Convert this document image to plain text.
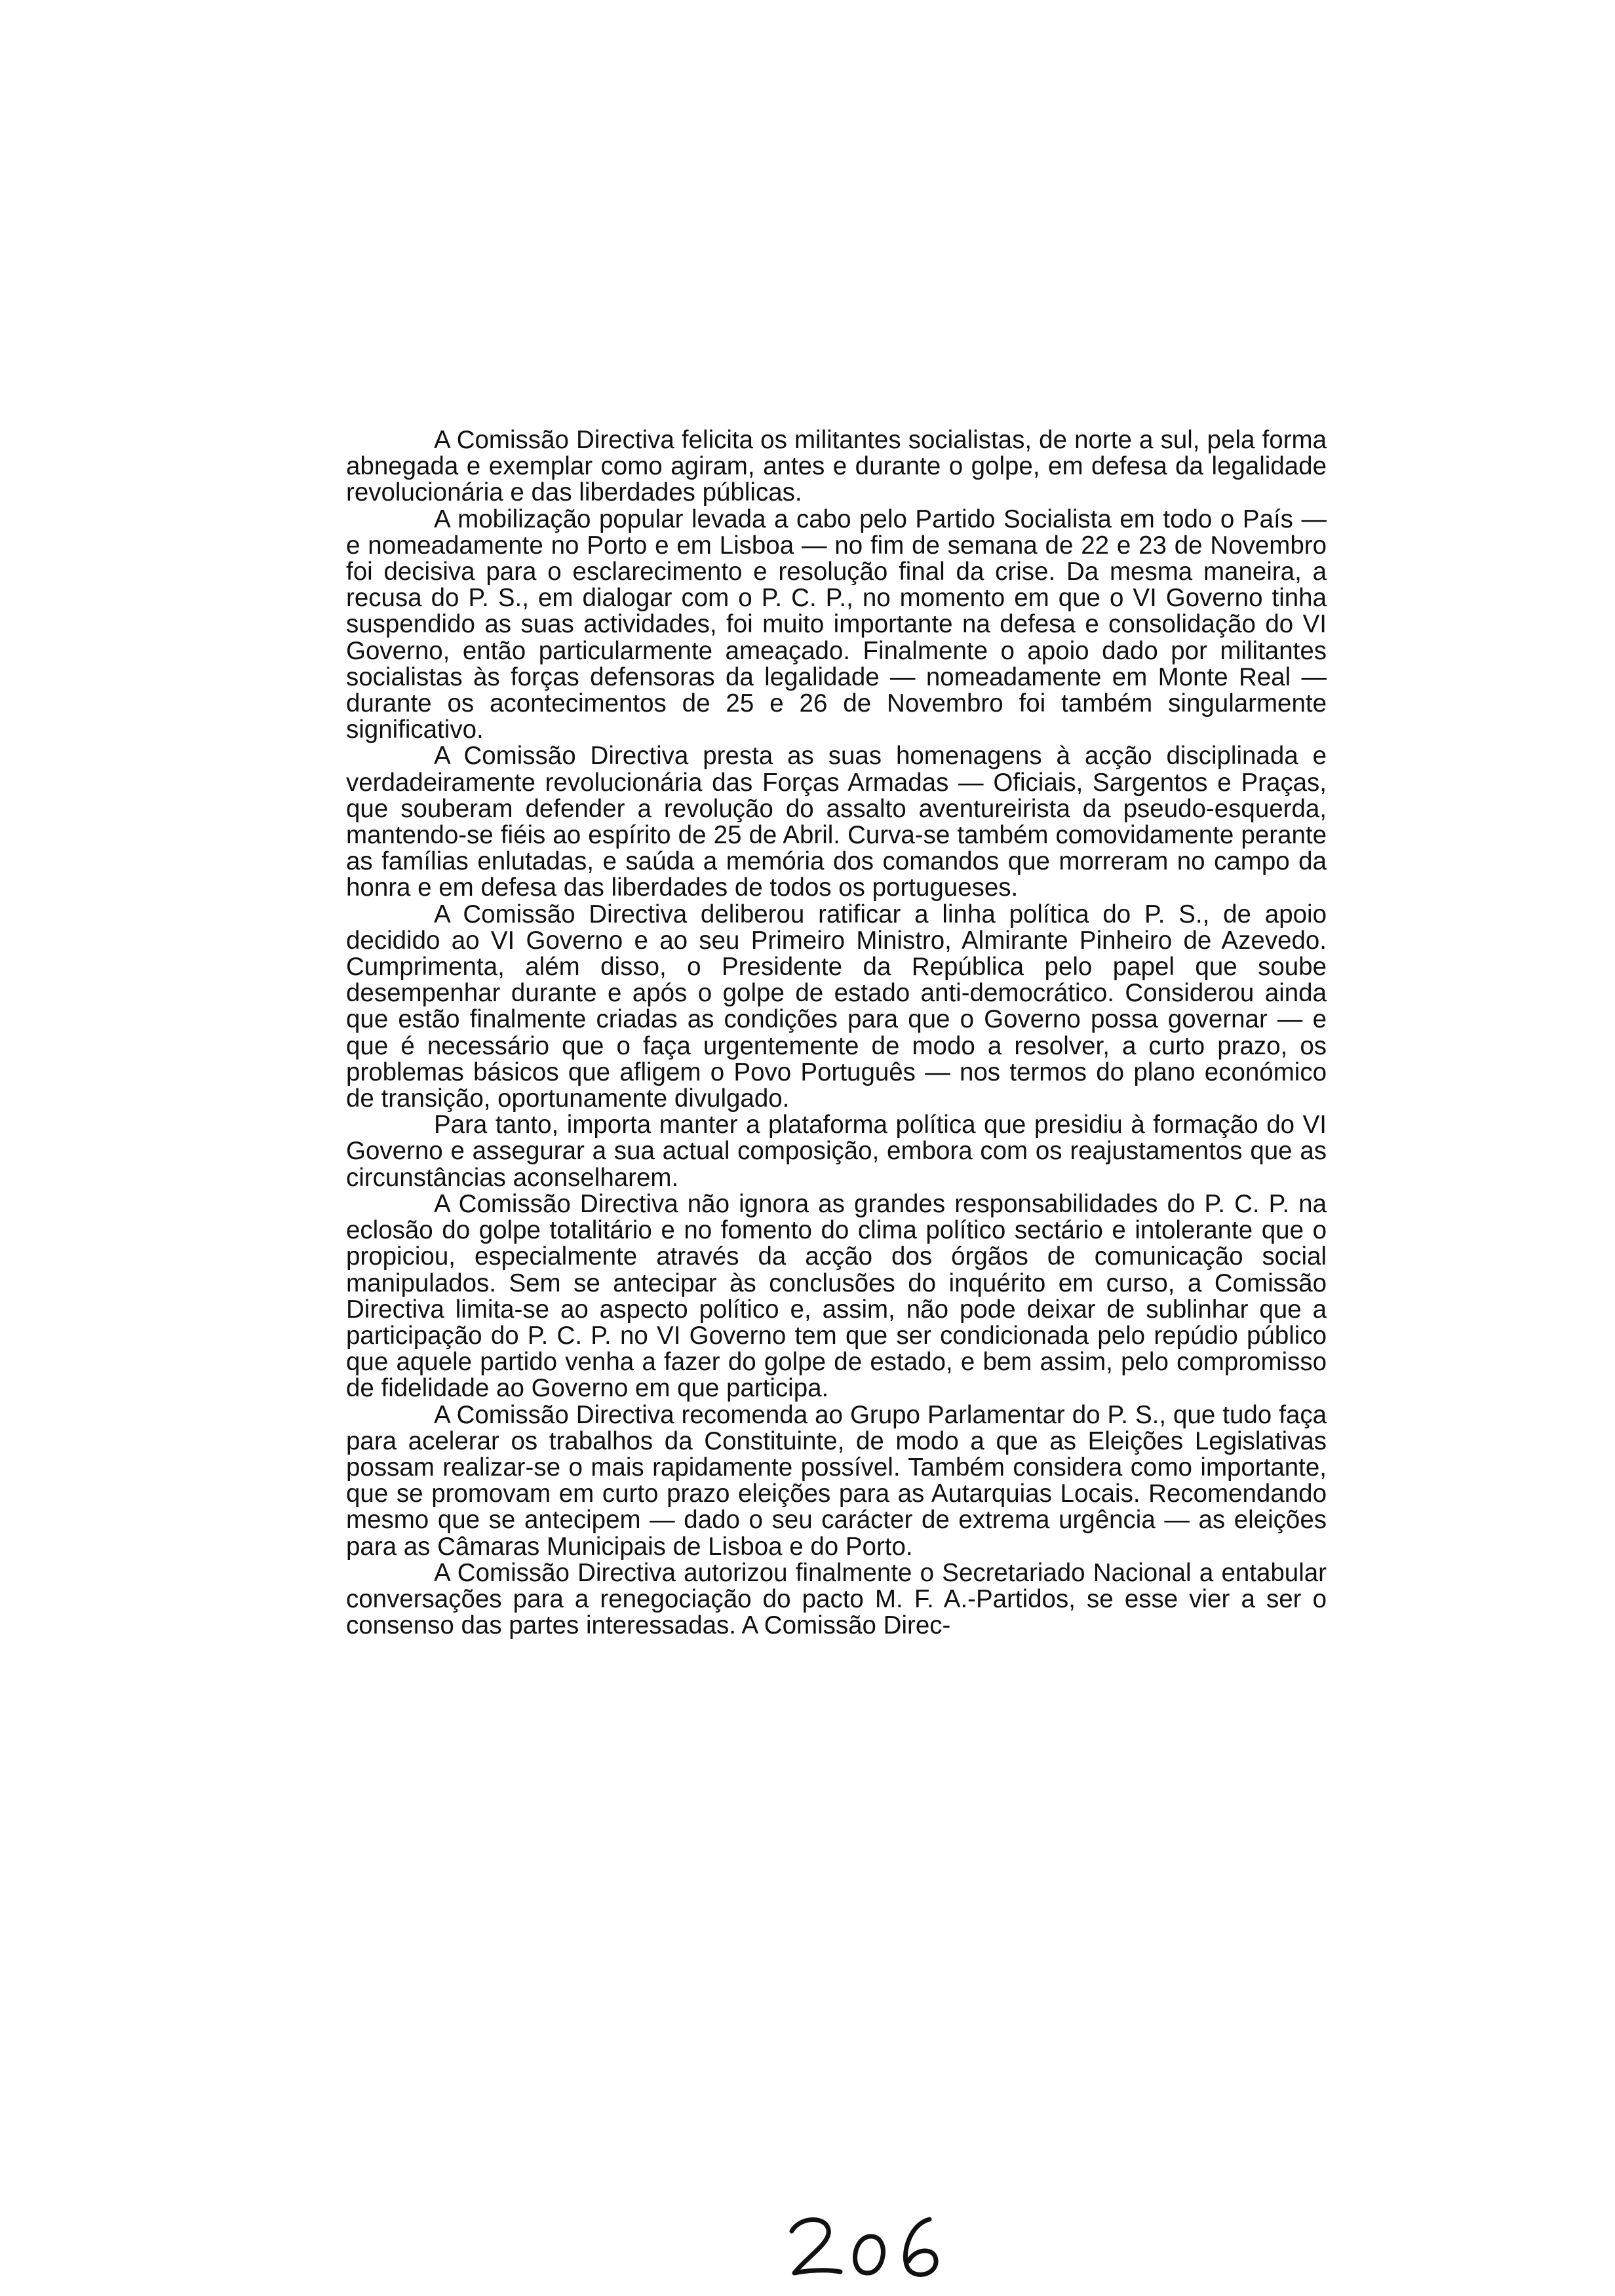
A Comissão Directiva felicita os militantes socialistas, de norte a sul, pela forma abnegada e exemplar como agiram, antes e durante o golpe, em defesa da legalidade revolucionária e das liberdades públicas.

A mobilização popular levada a cabo pelo Partido Socialista em todo o País — e nomeadamente no Porto e em Lisboa — no fim de semana de 22 e 23 de Novembro foi decisiva para o esclarecimento e resolução final da crise. Da mesma maneira, a recusa do P. S., em dialogar com o P. C. P., no momento em que o VI Governo tinha suspendido as suas actividades, foi muito importante na defesa e consolidação do VI Governo, então particularmente ameaçado. Finalmente o apoio dado por militantes socialistas às forças defensoras da legalidade — nomeadamente em Monte Real — durante os acontecimentos de 25 e 26 de Novembro foi também singularmente significativo.

A Comissão Directiva presta as suas homenagens à acção disciplinada e verdadeiramente revolucionária das Forças Armadas — Oficiais, Sargentos e Praças, que souberam defender a revolução do assalto aventureirista da pseudo-esquerda, mantendo-se fiéis ao espírito de 25 de Abril. Curva-se também comovidamente perante as famílias enlutadas, e saúda a memória dos comandos que morreram no campo da honra e em defesa das liberdades de todos os portugueses.

A Comissão Directiva deliberou ratificar a linha política do P. S., de apoio decidido ao VI Governo e ao seu Primeiro Ministro, Almirante Pinheiro de Azevedo. Cumprimenta, além disso, o Presidente da República pelo papel que soube desempenhar durante e após o golpe de estado anti-democrático. Considerou ainda que estão finalmente criadas as condições para que o Governo possa governar — e que é necessário que o faça urgentemente de modo a resolver, a curto prazo, os problemas básicos que afligem o Povo Português — nos termos do plano económico de transição, oportunamente divulgado.

Para tanto, importa manter a plataforma política que presidiu à formação do VI Governo e assegurar a sua actual composição, embora com os reajustamentos que as circunstâncias aconselharem.

A Comissão Directiva não ignora as grandes responsabilidades do P. C. P. na eclosão do golpe totalitário e no fomento do clima político sectário e intolerante que o propiciou, especialmente através da acção dos órgãos de comunicação social manipulados. Sem se antecipar às conclusões do inquérito em curso, a Comissão Directiva limita-se ao aspecto político e, assim, não pode deixar de sublinhar que a participação do P. C. P. no VI Governo tem que ser condicionada pelo repúdio público que aquele partido venha a fazer do golpe de estado, e bem assim, pelo compromisso de fidelidade ao Governo em que participa.

A Comissão Directiva recomenda ao Grupo Parlamentar do P. S., que tudo faça para acelerar os trabalhos da Constituinte, de modo a que as Eleições Legislativas possam realizar-se o mais rapidamente possível. Também considera como importante, que se promovam em curto prazo eleições para as Autarquias Locais. Recomendando mesmo que se antecipem — dado o seu carácter de extrema urgência — as eleições para as Câmaras Municipais de Lisboa e do Porto.

A Comissão Directiva autorizou finalmente o Secretariado Nacional a entabular conversações para a renegociação do pacto M. F. A.-Partidos, se esse vier a ser o consenso das partes interessadas. A Comissão Direc-
